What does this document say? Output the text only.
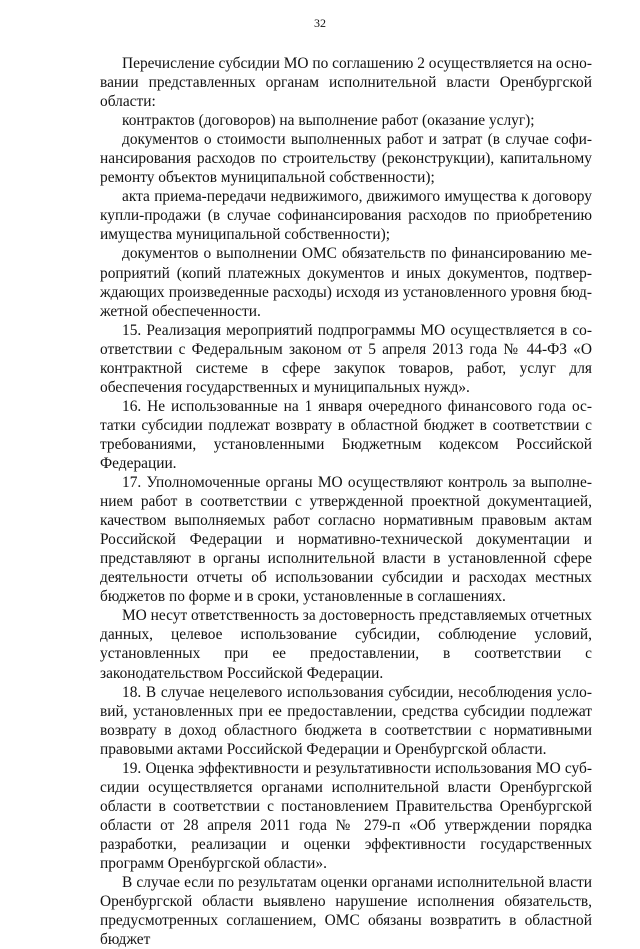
32

Перечисление субсидии МО по соглашению 2 осуществляется на основании представленных органам исполнительной власти Оренбургской области:

контрактов (договоров) на выполнение работ (оказание услуг);

документов о стоимости выполненных работ и затрат (в случае софинансирования расходов по строительству (реконструкции), капитальному ремонту объектов муниципальной собственности);

акта приема-передачи недвижимого, движимого имущества к договору купли-продажи (в случае софинансирования расходов по приобретению имущества муниципальной собственности);

документов о выполнении ОМС обязательств по финансированию мероприятий (копий платежных документов и иных документов, подтверждающих произведенные расходы) исходя из установленного уровня бюджетной обеспеченности.

15. Реализация мероприятий подпрограммы МО осуществляется в соответствии с Федеральным законом от 5 апреля 2013 года № 44-ФЗ «О контрактной системе в сфере закупок товаров, работ, услуг для обеспечения государственных и муниципальных нужд».

16. Не использованные на 1 января очередного финансового года остатки субсидии подлежат возврату в областной бюджет в соответствии с требованиями, установленными Бюджетным кодексом Российской Федерации.

17. Уполномоченные органы МО осуществляют контроль за выполнением работ в соответствии с утвержденной проектной документацией, качеством выполняемых работ согласно нормативным правовым актам Российской Федерации и нормативно-технической документации и представляют в органы исполнительной власти в установленной сфере деятельности отчеты об использовании субсидии и расходах местных бюджетов по форме и в сроки, установленные в соглашениях.

МО несут ответственность за достоверность представляемых отчетных данных, целевое использование субсидии, соблюдение условий, установленных при ее предоставлении, в соответствии с законодательством Российской Федерации.

18. В случае нецелевого использования субсидии, несоблюдения условий, установленных при ее предоставлении, средства субсидии подлежат возврату в доход областного бюджета в соответствии с нормативными правовыми актами Российской Федерации и Оренбургской области.

19. Оценка эффективности и результативности использования МО субсидии осуществляется органами исполнительной власти Оренбургской области в соответствии с постановлением Правительства Оренбургской области от 28 апреля 2011 года № 279-п «Об утверждении порядка разработки, реализации и оценки эффективности государственных программ Оренбургской области».

В случае если по результатам оценки органами исполнительной власти Оренбургской области выявлено нарушение исполнения обязательств, предусмотренных соглашением, ОМС обязаны возвратить в областной бюджет
